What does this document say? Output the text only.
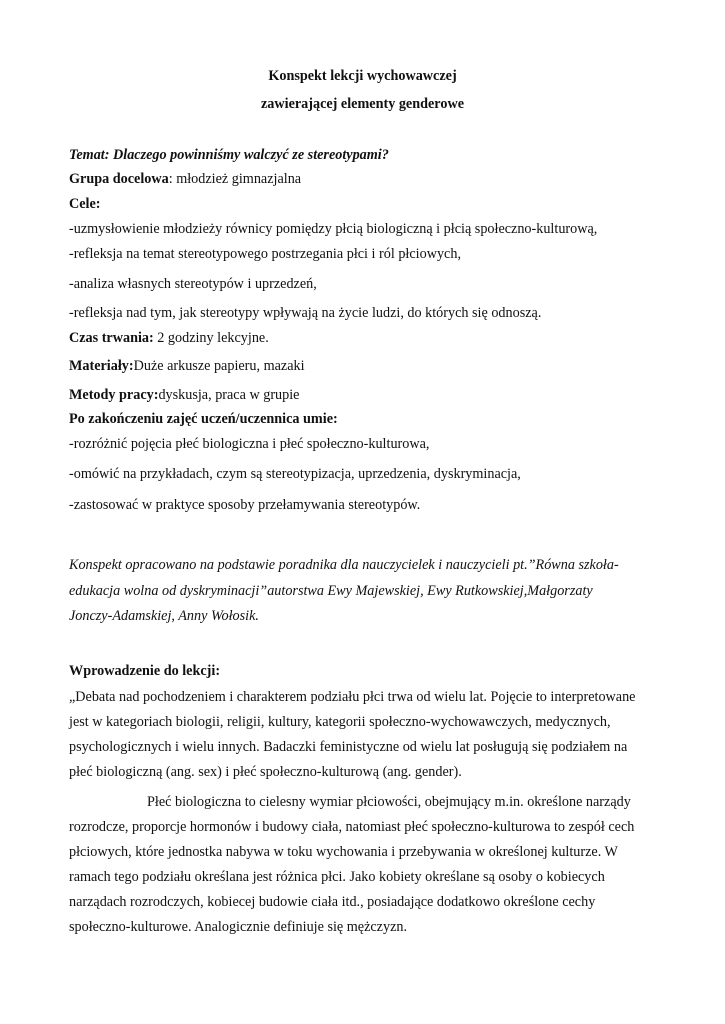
Konspekt lekcji wychowawczej
zawierającej elementy genderowe
Temat: Dlaczego powinniśmy walczyć ze stereotypami?
Grupa docelowa: młodzież gimnazjalna
Cele:
-uzmysłowienie młodzieży równicy pomiędzy płcią biologiczną i płcią społeczno-kulturową,
-refleksja na temat stereotypowego postrzegania płci i ról płciowych,
-analiza własnych stereotypów i uprzedzeń,
-refleksja nad tym, jak stereotypy wpływają na życie ludzi, do których się odnoszą.
Czas trwania: 2 godziny lekcyjne.
Materiały:Duże arkusze papieru, mazaki
Metody pracy:dyskusja, praca w grupie
Po zakończeniu zajęć uczeń/uczennica umie:
-rozróżnić pojęcia płeć biologiczna i płeć społeczno-kulturowa,
-omówić na przykładach, czym są stereotypizacja, uprzedzenia, dyskryminacja,
-zastosować w praktyce sposoby przełamywania stereotypów.
Konspekt opracowano na podstawie poradnika dla nauczycielek i nauczycieli pt.”Równa szkoła-
edukacja wolna od dyskryminacji”autorstwa Ewy Majewskiej, Ewy Rutkowskiej,Małgorzaty
Jonczy-Adamskiej, Anny Wołosik.
Wprowadzenie do lekcji:
„Debata nad pochodzeniem i charakterem podziału płci trwa od wielu lat. Pojęcie to interpretowane
jest w kategoriach biologii, religii, kultury, kategorii społeczno-wychowawczych, medycznych,
psychologicznych i wielu innych. Badaczki feministyczne od wielu lat posługują się podziałem na
płeć biologiczną (ang. sex) i płeć społeczno-kulturową (ang. gender).
Płeć biologiczna to cielesny wymiar płciowości, obejmujący m.in. określone narządy
rozrodcze, proporcje hormonów i budowy ciała, natomiast płeć społeczno-kulturowa to zespół cech
płciowych, które jednostka nabywa w toku wychowania i przebywania w określonej kulturze. W
ramach tego podziału określana jest różnica płci. Jako kobiety określane są osoby o kobiecych
narządach rozrodczych, kobiecej budowie ciała itd., posiadające dodatkowo określone cechy
społeczno-kulturowe. Analogicznie definiuje się mężczyzn.
